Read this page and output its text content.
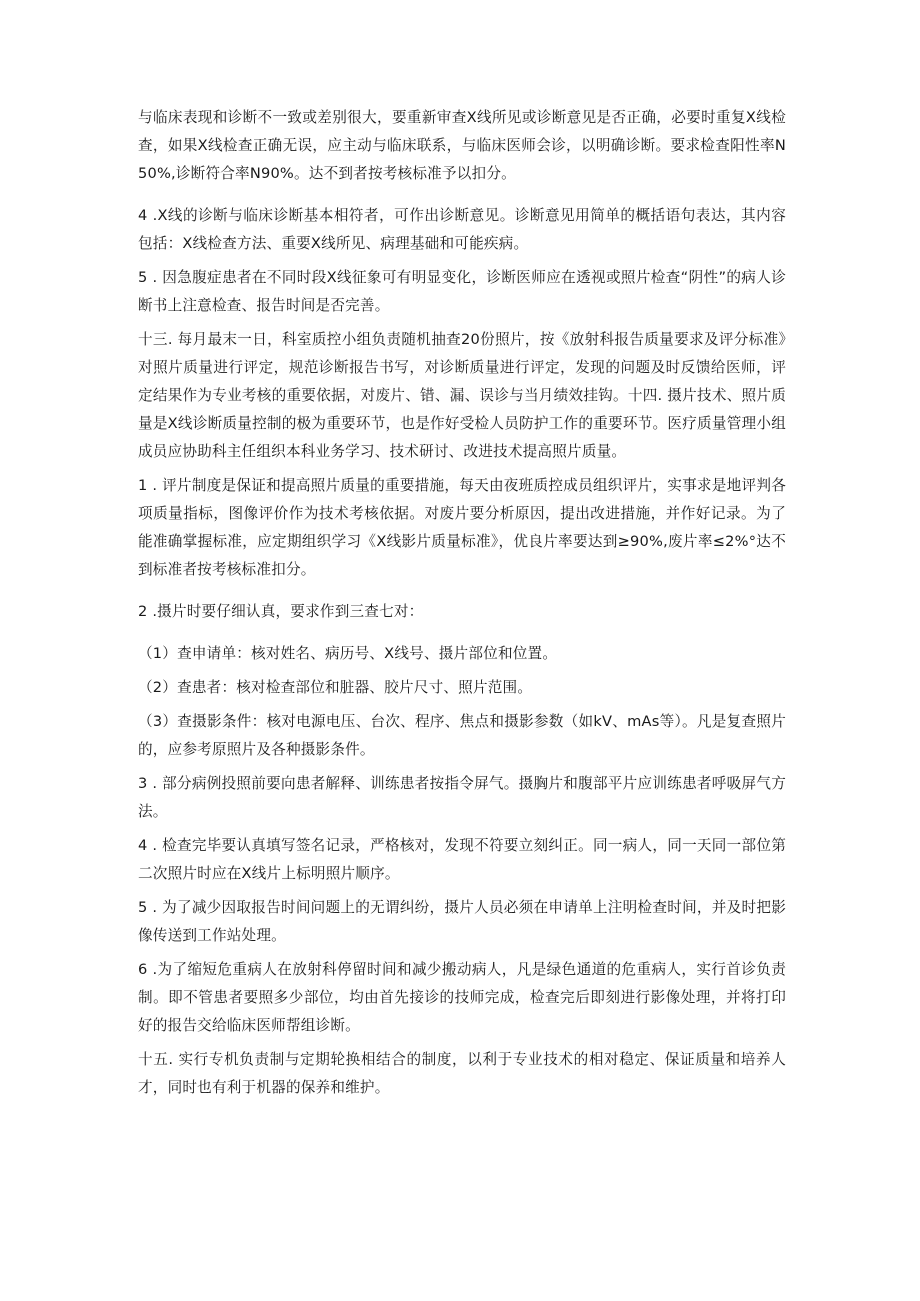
与临床表现和诊断不一致或差别很大，要重新审查X线所见或诊断意见是否正确，必要时重复X线检查，如果X线检查正确无误，应主动与临床联系，与临床医师会诊，以明确诊断。要求检查阳性率N50%,诊断符合率N90%。达不到者按考核标准予以扣分。

4 .X线的诊断与临床诊断基本相符者，可作出诊断意见。诊断意见用简单的概括语句表达，其内容包括：X线检查方法、重要X线所见、病理基础和可能疾病。

5 . 因急腹症患者在不同时段X线征象可有明显变化，诊断医师应在透视或照片检查“阴性”的病人诊断书上注意检查、报告时间是否完善。

十三. 每月最末一日，科室质控小组负责随机抽查20份照片，按《放射科报告质量要求及评分标准》对照片质量进行评定，规范诊断报告书写，对诊断质量进行评定，发现的问题及时反馈给医师，评定结果作为专业考核的重要依据，对废片、错、漏、误诊与当月绩效挂钩。十四. 摄片技术、照片质量是X线诊断质量控制的极为重要环节，也是作好受检人员防护工作的重要环节。医疗质量管理小组成员应协助科主任组织本科业务学习、技术研讨、改进技术提高照片质量。

1 . 评片制度是保证和提高照片质量的重要措施，每天由夜班质控成员组织评片，实事求是地评判各项质量指标，图像评价作为技术考核依据。对废片要分析原因，提出改进措施，并作好记录。为了能准确掌握标准，应定期组织学习《X线影片质量标准》，优良片率要达到≥90%,废片率≤2%°达不到标准者按考核标准扣分。

2 .摄片时要仔细认真，要求作到三查七对：

（1）查申请单：核对姓名、病历号、X线号、摄片部位和位置。

（2）查患者：核对检查部位和脏器、胶片尺寸、照片范围。

（3）查摄影条件：核对电源电压、台次、程序、焦点和摄影参数（如kV、mAs等）。凡是复查照片的，应参考原照片及各种摄影条件。

3 . 部分病例投照前要向患者解释、训练患者按指令屏气。摄胸片和腹部平片应训练患者呼吸屏气方法。

4 . 检查完毕要认真填写签名记录，严格核对，发现不符要立刻纠正。同一病人，同一天同一部位第二次照片时应在X线片上标明照片顺序。

5 . 为了减少因取报告时间问题上的无谓纠纷，摄片人员必须在申请单上注明检查时间，并及时把影像传送到工作站处理。

6 .为了缩短危重病人在放射科停留时间和减少搬动病人，凡是绿色通道的危重病人，实行首诊负责制。即不管患者要照多少部位，均由首先接诊的技师完成，检查完后即刻进行影像处理，并将打印好的报告交给临床医师帮组诊断。

十五. 实行专机负责制与定期轮换相结合的制度，以利于专业技术的相对稳定、保证质量和培养人才，同时也有利于机器的保养和维护。
